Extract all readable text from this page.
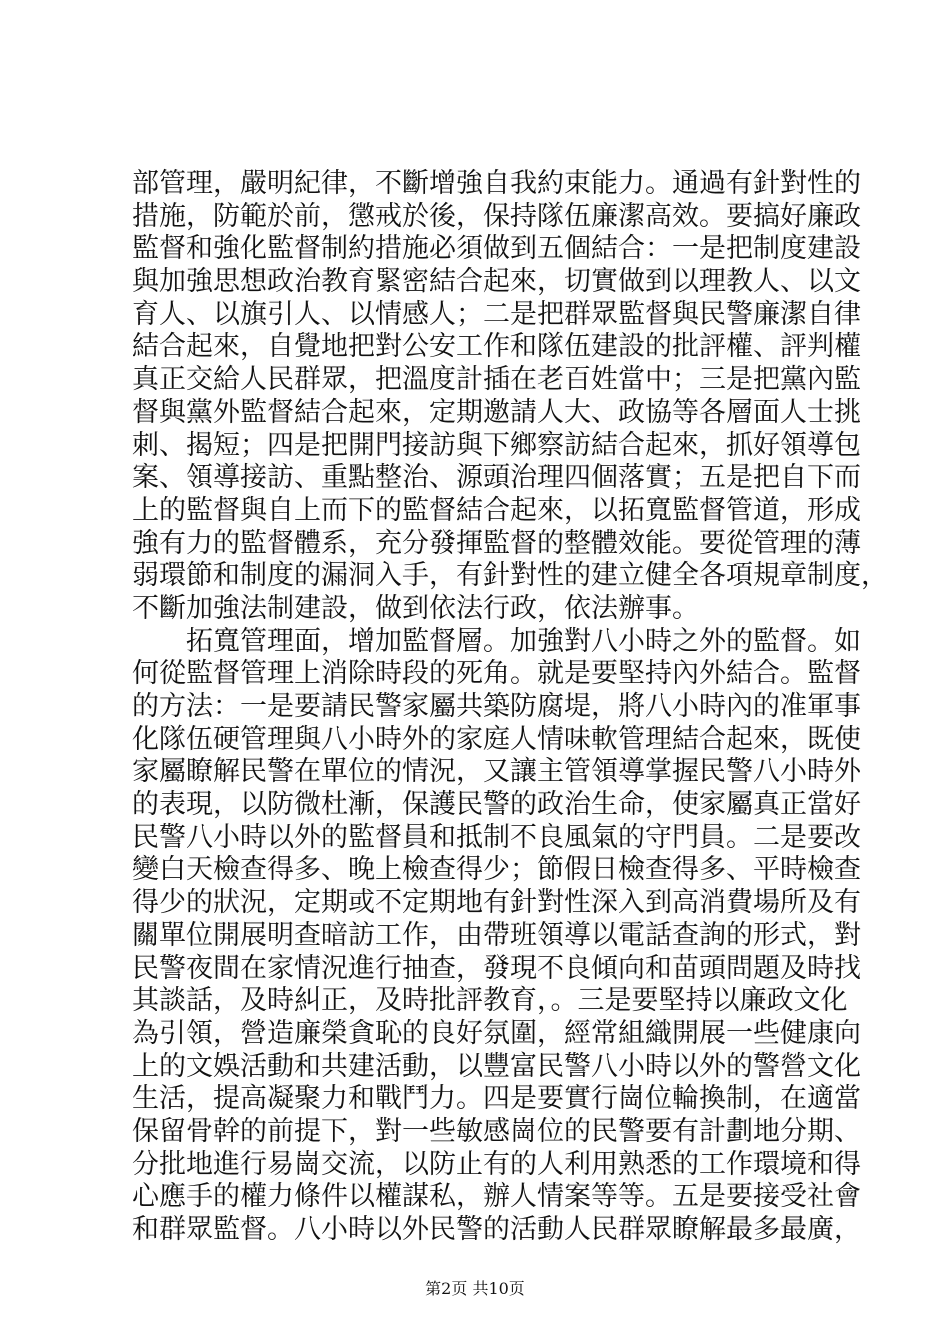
部管理，嚴明紀律，不斷增強自我約束能力。通過有針對性的
措施，防範於前，懲戒於後，保持隊伍廉潔高效。要搞好廉政
監督和強化監督制約措施必須做到五個結合：一是把制度建設
與加強思想政治教育緊密結合起來，切實做到以理教人、以文
育人、以旗引人、以情感人；二是把群眾監督與民警廉潔自律
結合起來，自覺地把對公安工作和隊伍建設的批評權、評判權
真正交給人民群眾，把溫度計插在老百姓當中；三是把黨內監
督與黨外監督結合起來，定期邀請人大、政協等各層面人士挑
刺、揭短；四是把開門接訪與下鄉察訪結合起來，抓好領導包
案、領導接訪、重點整治、源頭治理四個落實；五是把自下而
上的監督與自上而下的監督結合起來，以拓寬監督管道，形成
強有力的監督體系，充分發揮監督的整體效能。要從管理的薄
弱環節和制度的漏洞入手，有針對性的建立健全各項規章制度，
不斷加強法制建設，做到依法行政，依法辦事。
拓寬管理面，增加監督層。加強對八小時之外的監督。如
何從監督管理上消除時段的死角。就是要堅持內外結合。監督
的方法：一是要請民警家屬共築防腐堤，將八小時內的准軍事
化隊伍硬管理與八小時外的家庭人情味軟管理結合起來，既使
家屬瞭解民警在單位的情況，又讓主管領導掌握民警八小時外
的表現，以防微杜漸，保護民警的政治生命，使家屬真正當好
民警八小時以外的監督員和抵制不良風氣的守門員。二是要改
變白天檢查得多、晚上檢查得少；節假日檢查得多、平時檢查
得少的狀況，定期或不定期地有針對性深入到高消費場所及有
關單位開展明查暗訪工作，由帶班領導以電話查詢的形式，對
民警夜間在家情況進行抽查，發現不良傾向和苗頭問題及時找
其談話，及時糾正，及時批評教育，。三是要堅持以廉政文化
為引領，營造廉榮貪恥的良好氛圍，經常組織開展一些健康向
上的文娛活動和共建活動，以豐富民警八小時以外的警營文化
生活，提高凝聚力和戰鬥力。四是要實行崗位輪換制，在適當
保留骨幹的前提下，對一些敏感崗位的民警要有計劃地分期、
分批地進行易崗交流，以防止有的人利用熟悉的工作環境和得
心應手的權力條件以權謀私，辦人情案等等。五是要接受社會
和群眾監督。八小時以外民警的活動人民群眾瞭解最多最廣，
第2页 共10页
